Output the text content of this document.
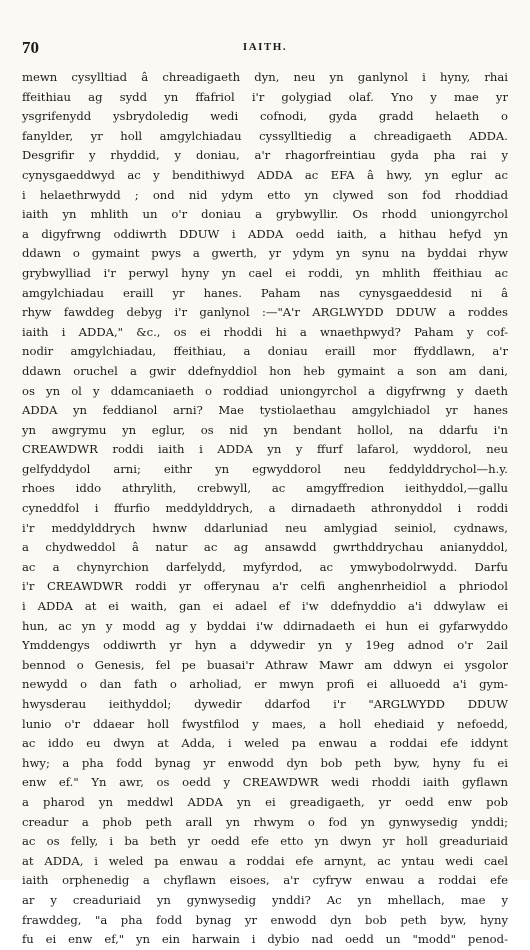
70	IAITH.
mewn cysylltiad â chreadigaeth dyn, neu yn ganlynol i hyny, rhai
ffeithiau ag sydd yn ffafriol i'r golygiad olaf. Yno y mae yr
ysgrifenydd ysbrydoledig wedi cofnodi, gyda gradd helaeth o
fanylder, yr holl amgylchiadau cyssylltiedig a chreadigaeth ADDA.
Desgrifir y rhyddid, y doniau, a'r rhagorfreintiau gyda pha rai y
cynysgaeddwyd ac y bendithiwyd ADDA ac EFA â hwy, yn eglur ac
i helaethrwydd ; ond nid ydym etto yn clywed son fod rhoddiad
iaith yn mhlith un o'r doniau a grybwyllir. Os rhodd uniongyrchol
a digyfrwng oddiwrth DDUW i ADDA oedd iaith, a hithau hefyd yn
ddawn o gymaint pwys a gwerth, yr ydym yn synu na byddai rhyw
grybwylliad i'r perwyl hyny yn cael ei roddi, yn mhlith ffeithiau ac
amgylchiadau eraill yr hanes. Paham nas cynysgaeddesid ni â
rhyw fawddeg debyg i'r ganlynol :—"A'r ARGLWYDD DDUW a roddes
iaith i ADDA," &c., os ei rhoddi hi a wnaethpwyd? Paham y cof-
nodir amgylchiadau, ffeithiau, a doniau eraill mor ffyddlawn, a'r
ddawn oruchel a gwir ddefnyddiol hon heb gymaint a son am dani,
os yn ol y ddamcaniaeth o roddiad uniongyrchol a digyfrwng y daeth
ADDA yn feddianol arni? Mae tystiolaethau amgylchiadol yr hanes
yn awgrymu yn eglur, os nid yn bendant hollol, na ddarfu i'n
CREAWDWR roddi iaith i ADDA yn y ffurf lafarol, wyddorol, neu
gelfyddydol arni; eithr yn egwyddorol neu feddylddrychol—h.y.
rhoes iddo athrylith, crebwyll, ac amgyffredion ieithyddol,—gallu
cyneddfol i ffurfio meddylddrych, a dirnadaeth athronyddol i roddi
i'r meddylddrych hwnw ddarluniad neu amlygiad seiniol, cydnaws,
a chydweddol â natur ac ag ansawdd gwrthddrychau anianyddol,
ac a chynyrchion darfelydd, myfyrdod, ac ymwybodolrwydd. Darfu
i'r CREAWDWR roddi yr offerynau a'r celfi anghenrheidiol a phriodol
i ADDA at ei waith, gan ei adael ef i'w ddefnyddio a'i ddwylaw ei
hun, ac yn y modd ag y byddai i'w ddirnadaeth ei hun ei gyfarwyddo
Ymddengys oddiwrth yr hyn a ddywedir yn y 19eg adnod o'r 2ail
bennod o Genesis, fel pe buasai'r Athraw Mawr am ddwyn ei ysgolor
newydd o dan fath o arholiad, er mwyn profi ei alluoedd a'i gym-
hwysderau ieithyddol; dywedir ddarfod i'r "ARGLWYDD DDUW
lunio o'r ddaear holl fwystfilod y maes, a holl ehediaid y nefoedd,
ac iddo eu dwyn at Adda, i weled pa enwau a roddai efe iddynt
hwy; a pha fodd bynag yr enwodd dyn bob peth byw, hyny fu ei
enw ef." Yn awr, os oedd y CREAWDWR wedi rhoddi iaith gyflawn
a pharod yn meddwl ADDA yn ei greadigaeth, yr oedd enw pob
creadur a phob peth arall yn rhwym o fod yn gynwysedig ynddi;
ac os felly, i ba beth yr oedd efe etto yn dwyn yr holl greaduriaid
at ADDA, i weled pa enwau a roddai efe arnynt, ac yntau wedi cael
iaith orphenedig a chyflawn eisoes, a'r cyfryw enwau a roddai efe
ar y creaduriaid yn gynwysedig ynddi? Ac yn mhellach, mae y
frawddeg, "a pha fodd bynag yr enwodd dyn bob peth byw, hyny
fu ei enw ef," yn ein harwain i dybio nad oedd un "modd" penod-
